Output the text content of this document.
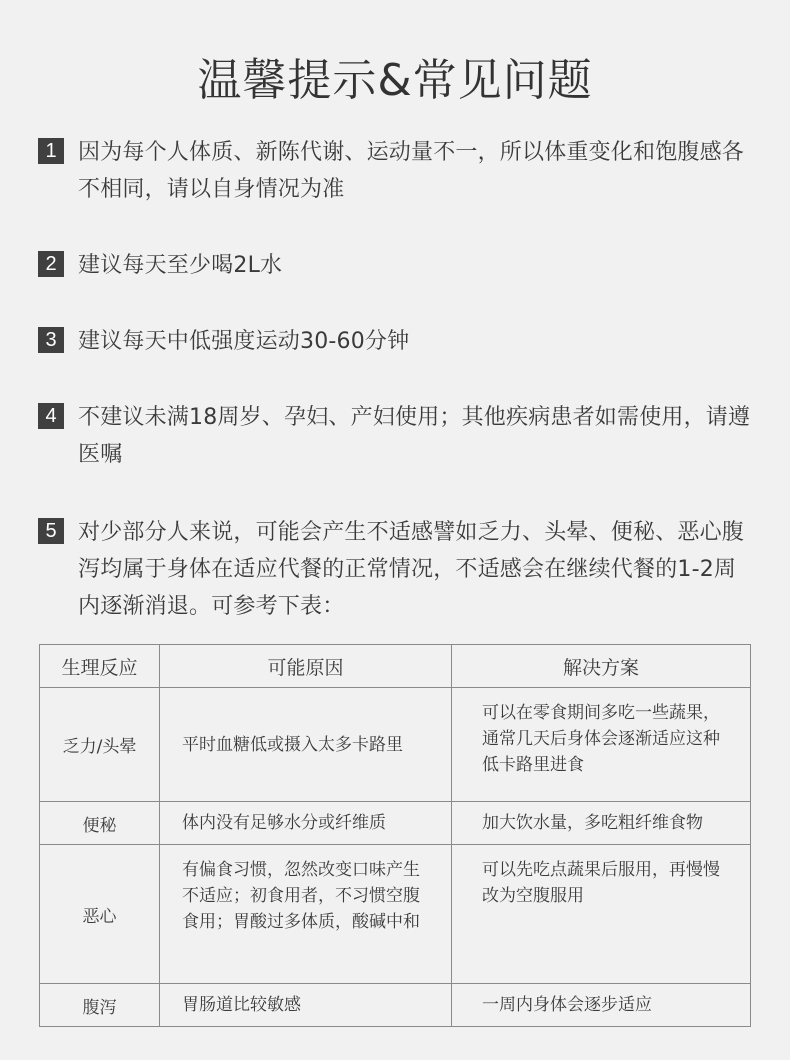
温馨提示&常见问题
1 因为每个人体质、新陈代谢、运动量不一，所以体重变化和饱腹感各不相同，请以自身情况为准
2 建议每天至少喝2L水
3 建议每天中低强度运动30-60分钟
4 不建议未满18周岁、孕妇、产妇使用；其他疾病患者如需使用，请遵医嘱
5 对少部分人来说，可能会产生不适感譬如乏力、头晕、便秘、恶心腹泻均属于身体在适应代餐的正常情况，不适感会在继续代餐的1-2周内逐渐消退。可参考下表：
生理反应	可能原因	解决方案
乏力/头晕	平时血糖低或摄入太多卡路里	可以在零食期间多吃一些蔬果，通常几天后身体会逐渐适应这种低卡路里进食
便秘	体内没有足够水分或纤维质	加大饮水量，多吃粗纤维食物
恶心	有偏食习惯，忽然改变口味产生不适应；初食用者，不习惯空腹食用；胃酸过多体质，酸碱中和	可以先吃点蔬果后服用，再慢慢改为空腹服用
腹泻	胃肠道比较敏感	一周内身体会逐步适应
